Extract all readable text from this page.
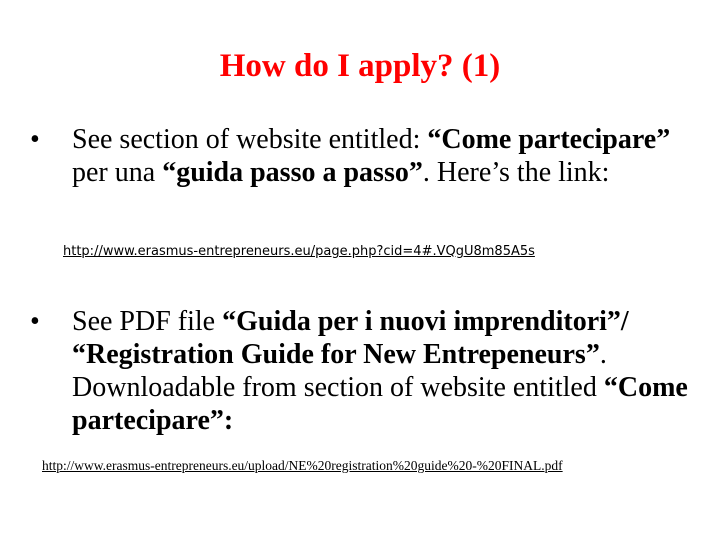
How do I apply? (1)
• See section of website entitled: “Come partecipare” per una “guida passo a passo”. Here’s the link:
http://www.erasmus-entrepreneurs.eu/page.php?cid=4#.VQgU8m85A5s
• See PDF file “Guida per i nuovi imprenditori”/ “Registration Guide for New Entrepeneurs”. Downloadable from section of website entitled “Come partecipare”:
http://www.erasmus-entrepreneurs.eu/upload/NE%20registration%20guide%20-%20FINAL.pdf
